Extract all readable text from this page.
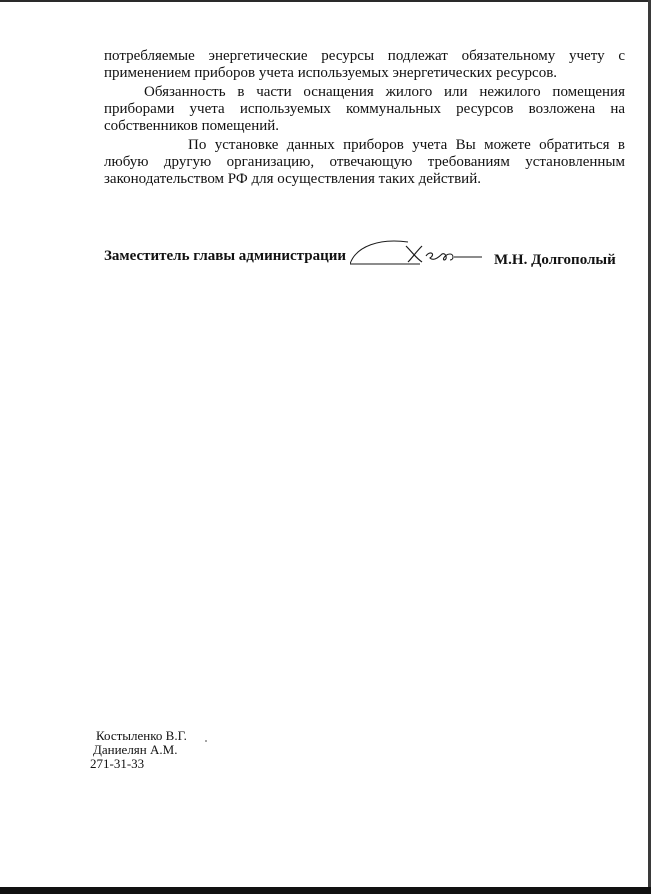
потребляемые энергетические ресурсы подлежат обязательному учету с применением приборов учета используемых энергетических ресурсов.

Обязанность в части оснащения жилого или нежилого помещения приборами учета используемых коммунальных ресурсов возложена на собственников помещений.

По установке данных приборов учета Вы можете обратиться в любую другую организацию, отвечающую требованиям установленным законодательством РФ для осуществления таких действий.

Заместитель главы администрации	М.Н. Долгополый
Костыленко В.Г.
Даниелян А.М.
271-31-33
